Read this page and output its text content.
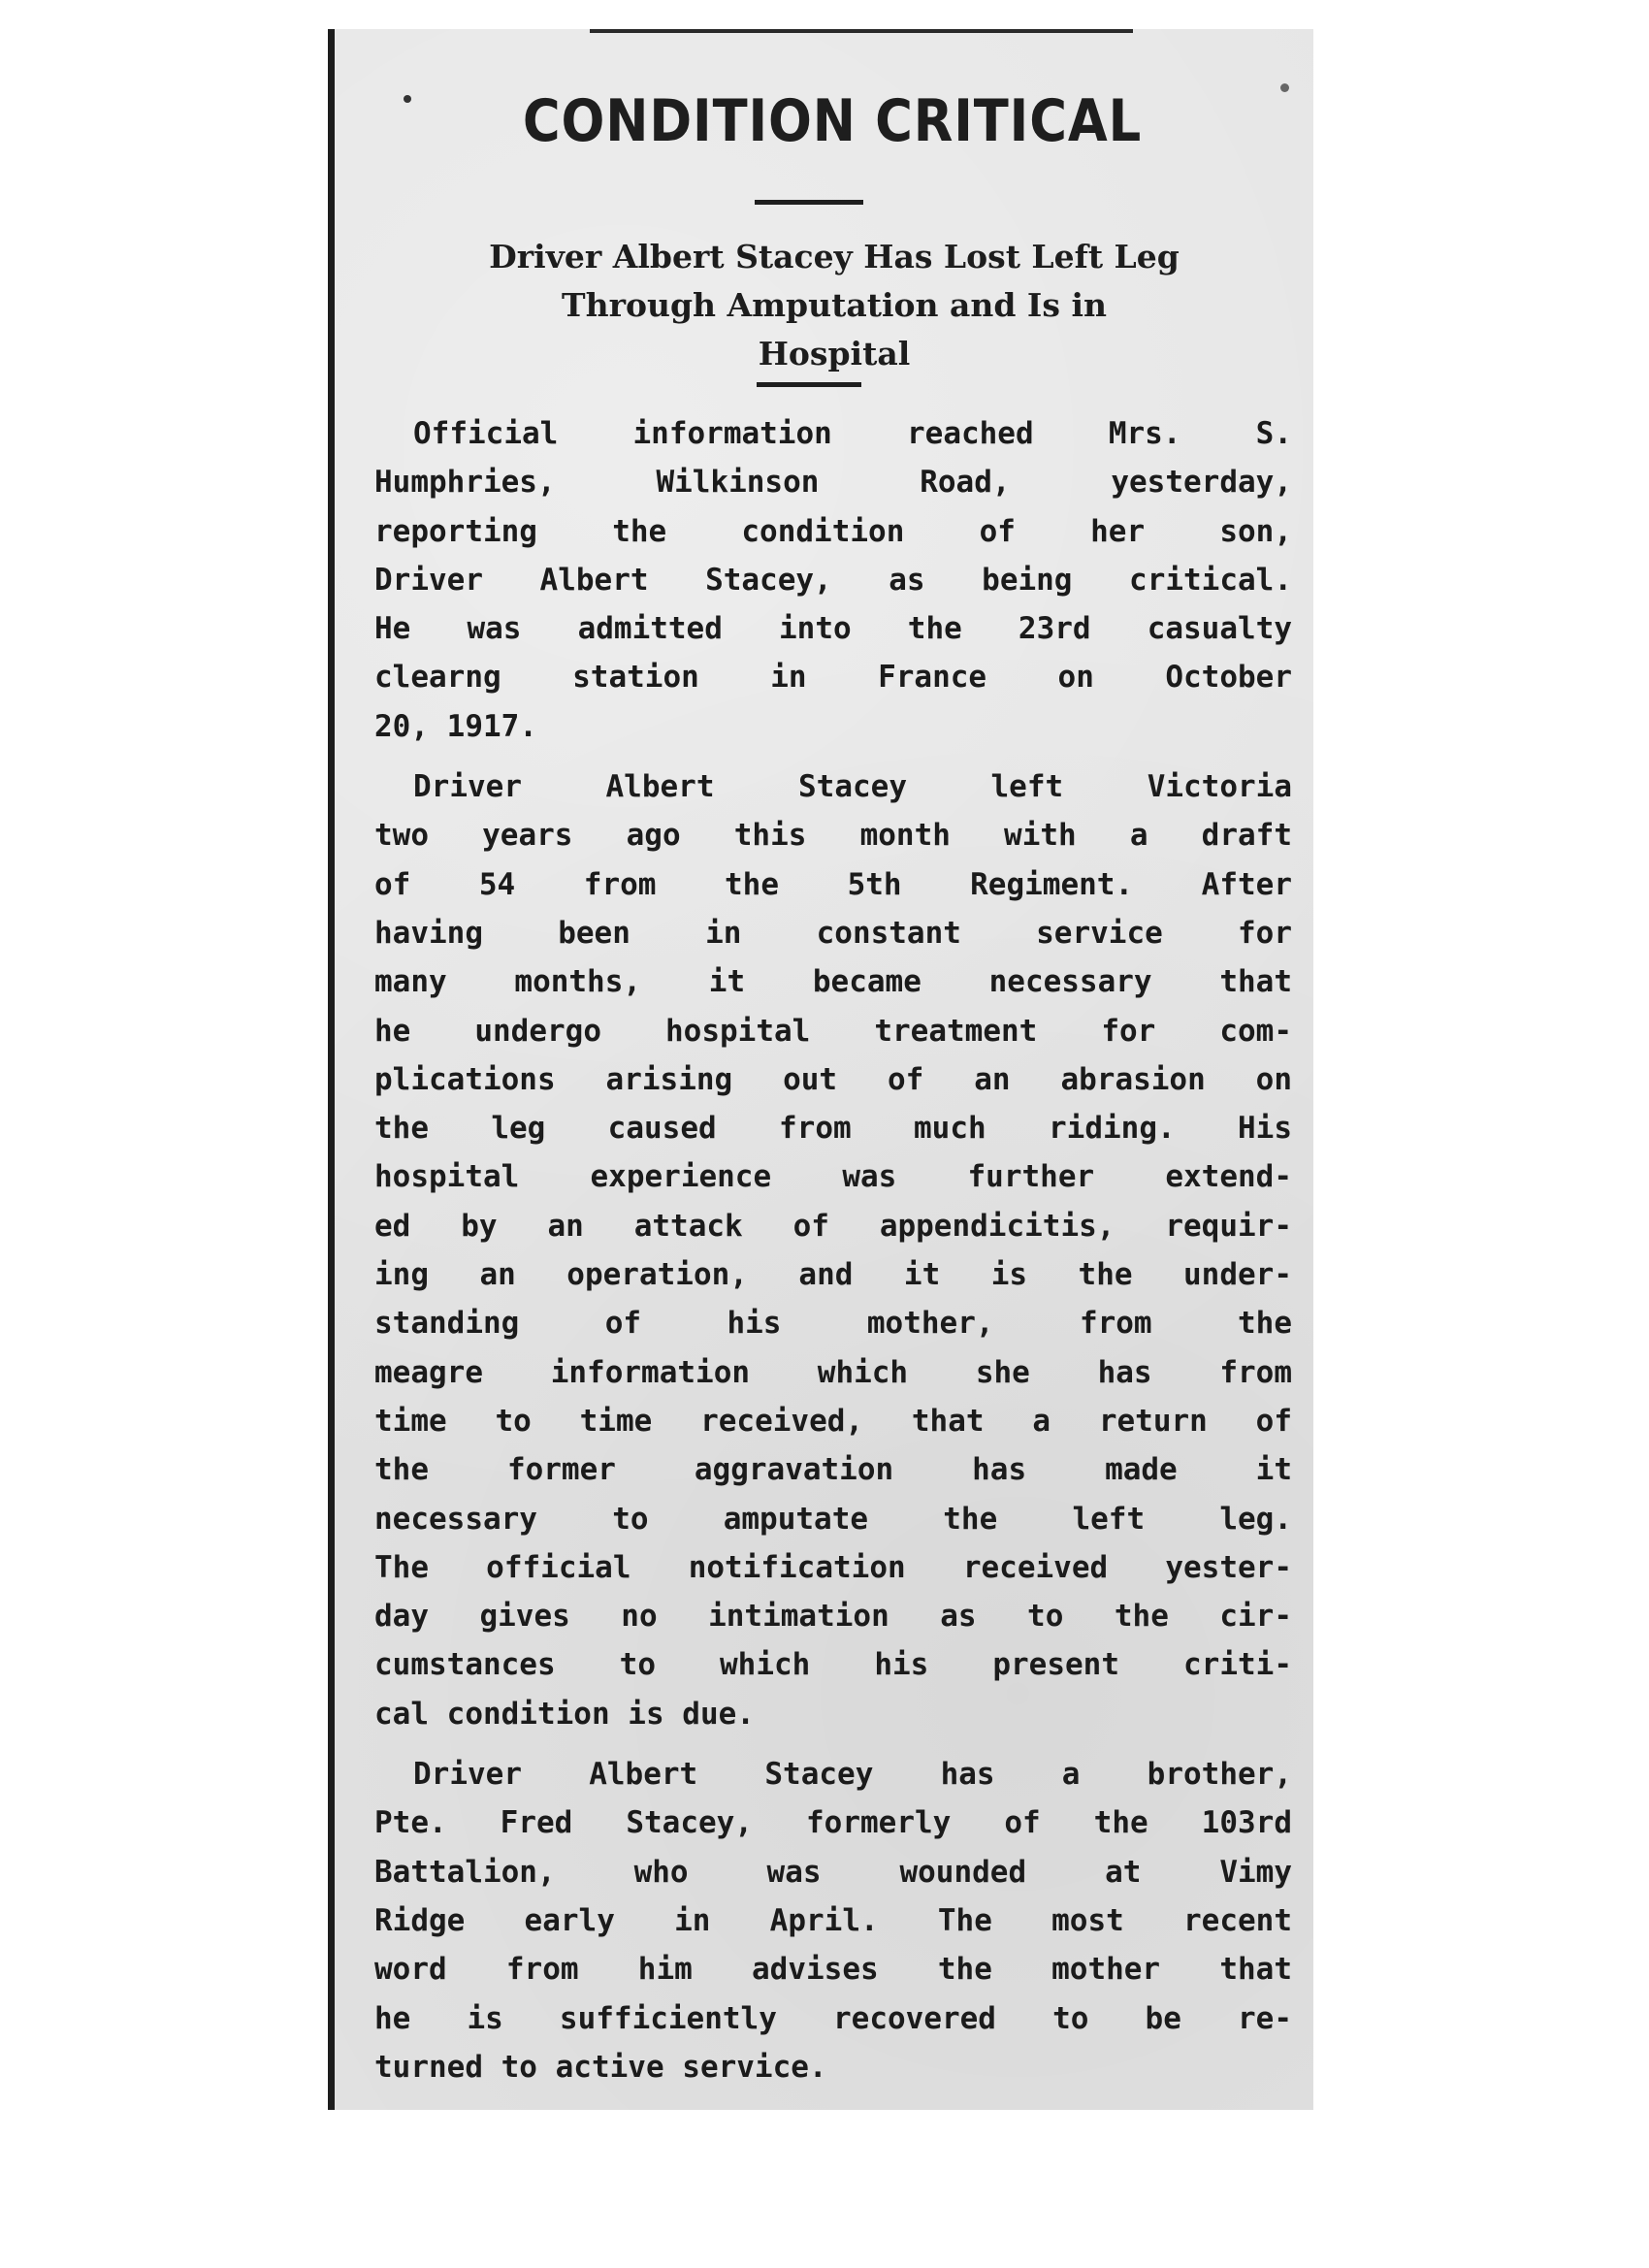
CONDITION CRITICAL
Driver Albert Stacey Has Lost Left Leg
Through Amputation and Is in
Hospital
Official information reached Mrs. S.
Humphries, Wilkinson Road, yesterday,
reporting the condition of her son,
Driver Albert Stacey, as being critical.
He was admitted into the 23rd casualty
clearng station in France on October
20, 1917.
Driver Albert Stacey left Victoria
two years ago this month with a draft
of 54 from the 5th Regiment. After
having been in constant service for
many months, it became necessary that
he undergo hospital treatment for com-
plications arising out of an abrasion on
the leg caused from much riding. His
hospital experience was further extend-
ed by an attack of appendicitis, requir-
ing an operation, and it is the under-
standing of his mother, from the
meagre information which she has from
time to time received, that a return of
the former aggravation has made it
necessary to amputate the left leg.
The official notification received yester-
day gives no intimation as to the cir-
cumstances to which his present criti-
cal condition is due.
Driver Albert Stacey has a brother,
Pte. Fred Stacey, formerly of the 103rd
Battalion, who was wounded at Vimy
Ridge early in April. The most recent
word from him advises the mother that
he is sufficiently recovered to be re-
turned to active service.
